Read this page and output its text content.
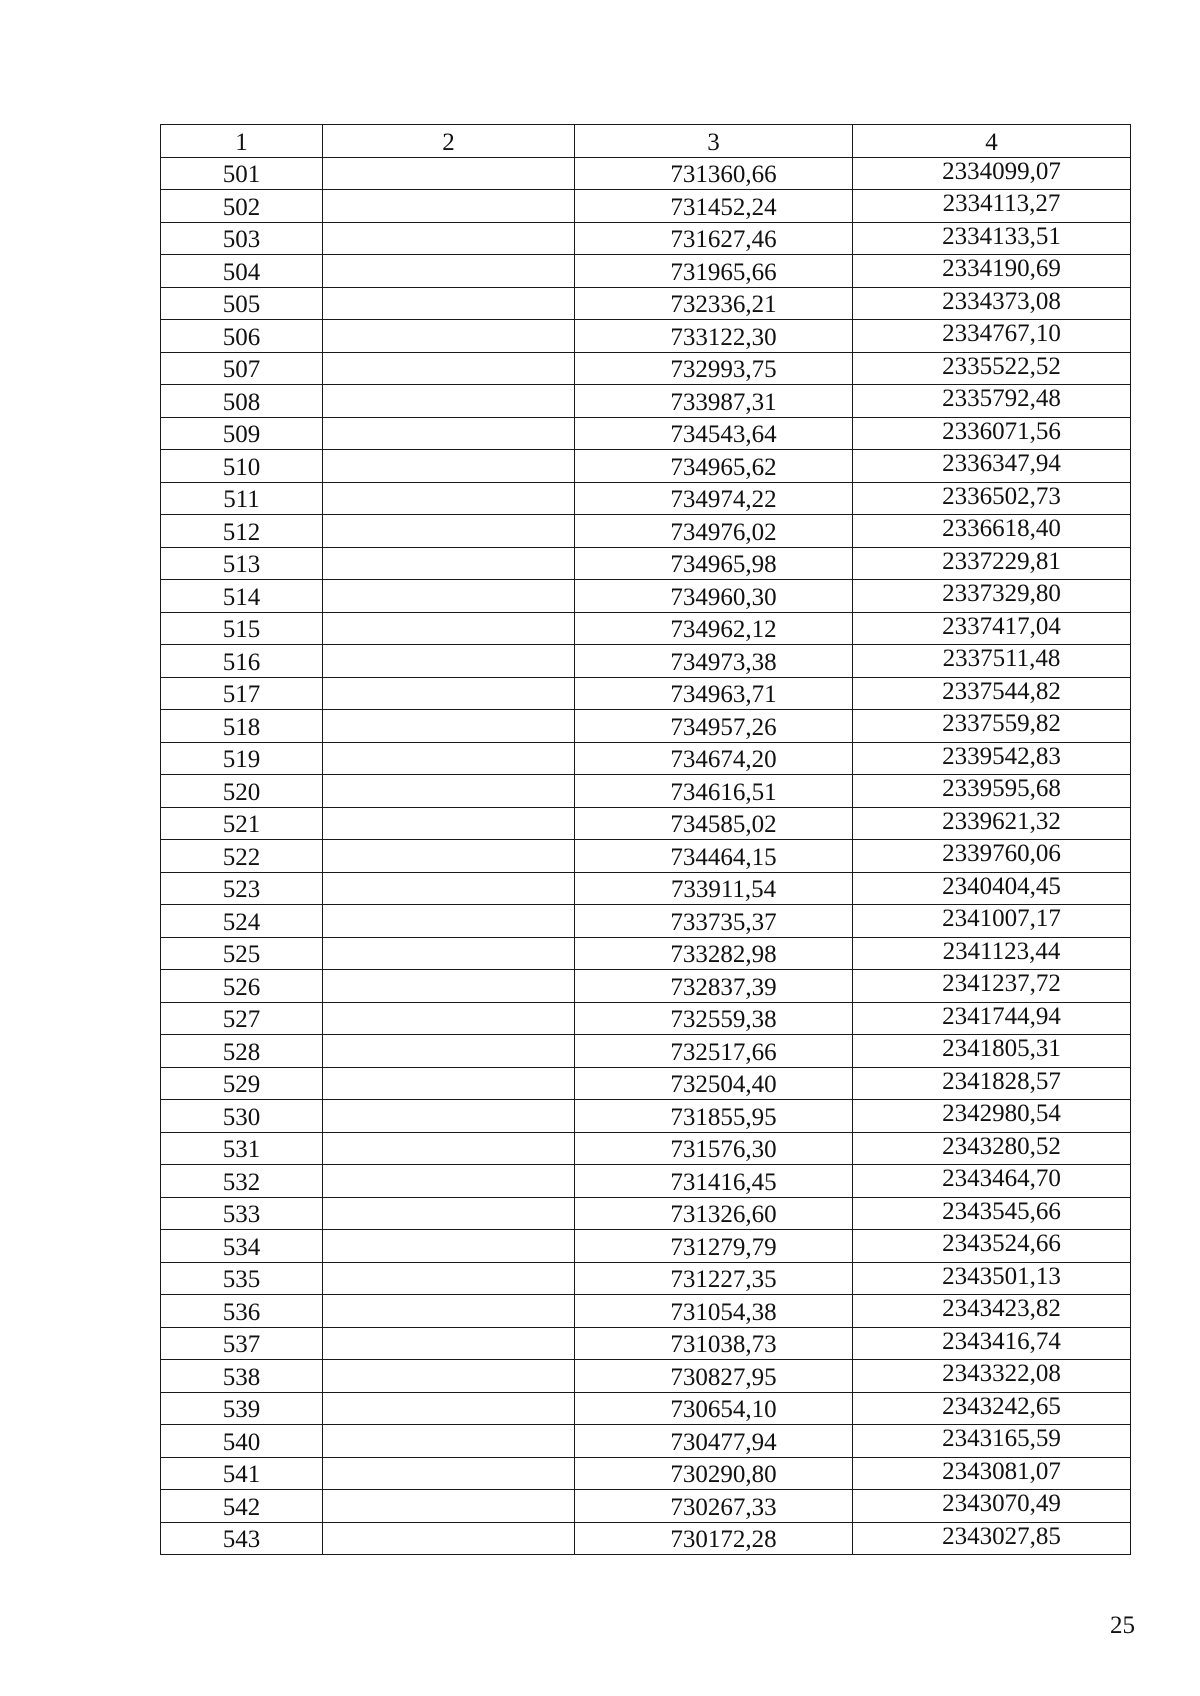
1	2	3	4
501		731360,66	2334099,07
502		731452,24	2334113,27
503		731627,46	2334133,51
504		731965,66	2334190,69
505		732336,21	2334373,08
506		733122,30	2334767,10
507		732993,75	2335522,52
508		733987,31	2335792,48
509		734543,64	2336071,56
510		734965,62	2336347,94
511		734974,22	2336502,73
512		734976,02	2336618,40
513		734965,98	2337229,81
514		734960,30	2337329,80
515		734962,12	2337417,04
516		734973,38	2337511,48
517		734963,71	2337544,82
518		734957,26	2337559,82
519		734674,20	2339542,83
520		734616,51	2339595,68
521		734585,02	2339621,32
522		734464,15	2339760,06
523		733911,54	2340404,45
524		733735,37	2341007,17
525		733282,98	2341123,44
526		732837,39	2341237,72
527		732559,38	2341744,94
528		732517,66	2341805,31
529		732504,40	2341828,57
530		731855,95	2342980,54
531		731576,30	2343280,52
532		731416,45	2343464,70
533		731326,60	2343545,66
534		731279,79	2343524,66
535		731227,35	2343501,13
536		731054,38	2343423,82
537		731038,73	2343416,74
538		730827,95	2343322,08
539		730654,10	2343242,65
540		730477,94	2343165,59
541		730290,80	2343081,07
542		730267,33	2343070,49
543		730172,28	2343027,85
25
